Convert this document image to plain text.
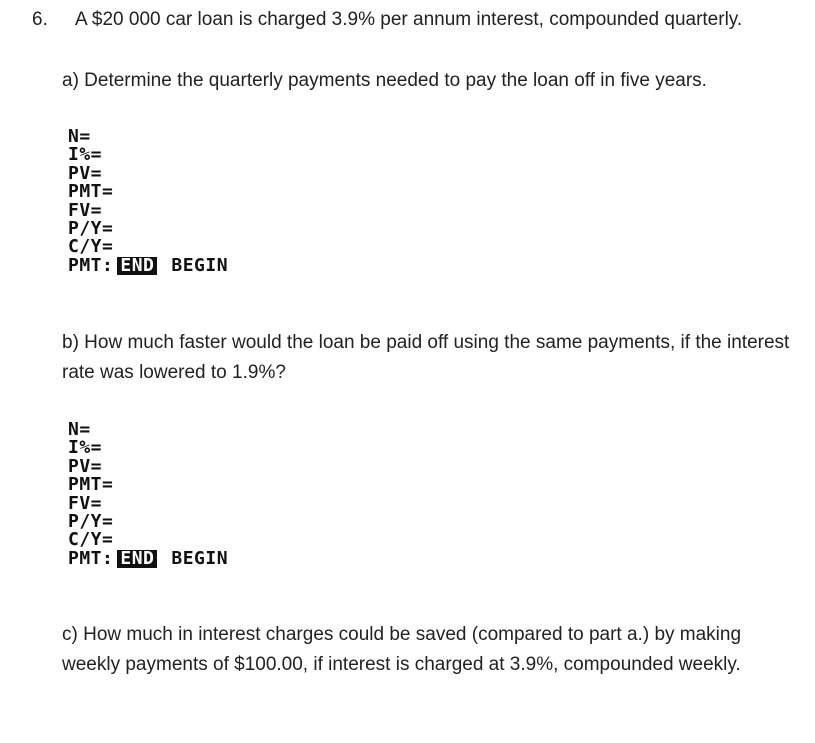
6. A $20 000 car loan is charged 3.9% per annum interest, compounded quarterly.
a) Determine the quarterly payments needed to pay the loan off in five years.
N=
I%=
PV=
PMT=
FV=
P/Y=
C/Y=
PMT: END BEGIN
b) How much faster would the loan be paid off using the same payments, if the interest rate was lowered to 1.9%?
N=
I%=
PV=
PMT=
FV=
P/Y=
C/Y=
PMT: END BEGIN
c) How much in interest charges could be saved (compared to part a.) by making weekly payments of $100.00, if interest is charged at 3.9%, compounded weekly.
